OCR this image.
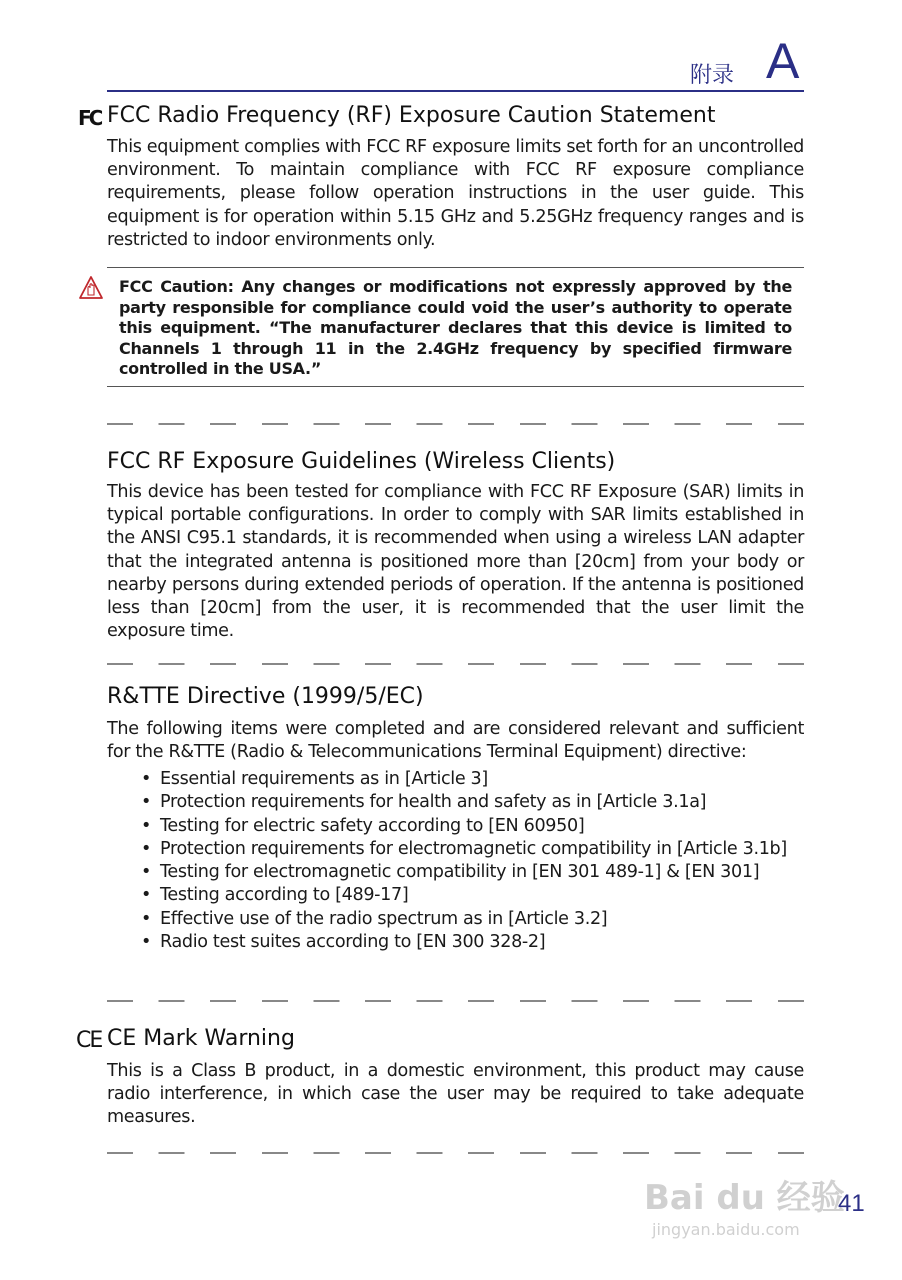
附录 A
FC FCC Radio Frequency (RF) Exposure Caution Statement
This equipment complies with FCC RF exposure limits set forth for an uncontrolled environment. To maintain compliance with FCC RF exposure compliance requirements, please follow operation instructions in the user guide. This equipment is for operation within 5.15 GHz and 5.25GHz frequency ranges and is restricted to indoor environments only.
FCC Caution: Any changes or modifications not expressly approved by the party responsible for compliance could void the user’s authority to operate this equipment. “The manufacturer declares that this device is limited to Channels 1 through 11 in the 2.4GHz frequency by specified firmware controlled in the USA.”
FCC RF Exposure Guidelines (Wireless Clients)
This device has been tested for compliance with FCC RF Exposure (SAR) limits in typical portable configurations. In order to comply with SAR limits established in the ANSI C95.1 standards, it is recommended when using a wireless LAN adapter that the integrated antenna is positioned more than [20cm] from your body or nearby persons during extended periods of operation. If the antenna is positioned less than [20cm] from the user, it is recommended that the user limit the exposure time.
R&TTE Directive (1999/5/EC)
The following items were completed and are considered relevant and sufficient for the R&TTE (Radio & Telecommunications Terminal Equipment) directive:
• Essential requirements as in [Article 3]
• Protection requirements for health and safety as in [Article 3.1a]
• Testing for electric safety according to [EN 60950]
• Protection requirements for electromagnetic compatibility in [Article 3.1b]
• Testing for electromagnetic compatibility in [EN 301 489-1] & [EN 301]
• Testing according to [489-17]
• Effective use of the radio spectrum as in [Article 3.2]
• Radio test suites according to [EN 300 328-2]
CE CE Mark Warning
This is a Class B product, in a domestic environment, this product may cause radio interference, in which case the user may be required to take adequate measures.
Bai du 经验
jingyan.baidu.com
41
